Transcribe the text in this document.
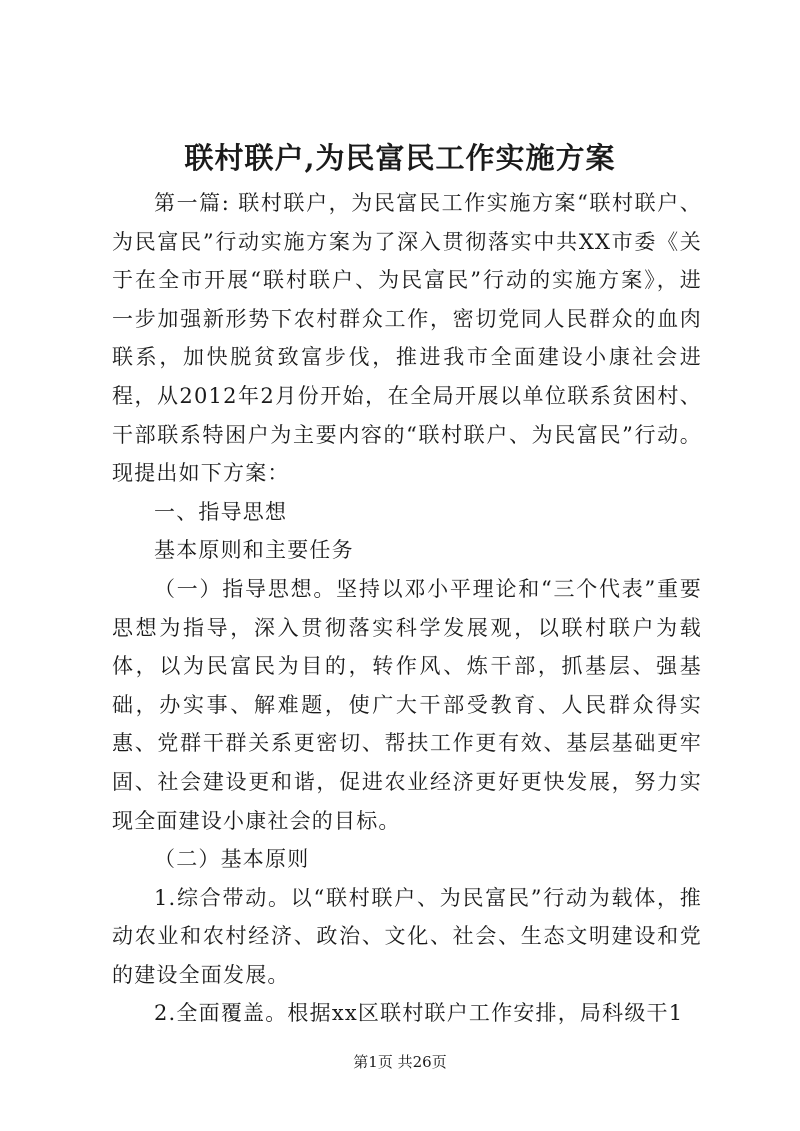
联村联户,为民富民工作实施方案

第一篇: 联村联户，为民富民工作实施方案“联村联户、为民富民”行动实施方案为了深入贯彻落实中共XX市委《关于在全市开展“联村联户、为民富民”行动的实施方案》，进一步加强新形势下农村群众工作，密切党同人民群众的血肉联系，加快脱贫致富步伐，推进我市全面建设小康社会进程，从2012年2月份开始，在全局开展以单位联系贫困村、干部联系特困户为主要内容的“联村联户、为民富民”行动。现提出如下方案：

一、指导思想

基本原则和主要任务

（一）指导思想。坚持以邓小平理论和“三个代表”重要思想为指导，深入贯彻落实科学发展观，以联村联户为载体，以为民富民为目的，转作风、炼干部，抓基层、强基础，办实事、解难题，使广大干部受教育、人民群众得实惠、党群干群关系更密切、帮扶工作更有效、基层基础更牢固、社会建设更和谐，促进农业经济更好更快发展，努力实现全面建设小康社会的目标。

（二）基本原则

1.综合带动。以“联村联户、为民富民”行动为载体，推动农业和农村经济、政治、文化、社会、生态文明建设和党的建设全面发展。

2.全面覆盖。根据xx区联村联户工作安排，局科级干1

第1页 共26页
